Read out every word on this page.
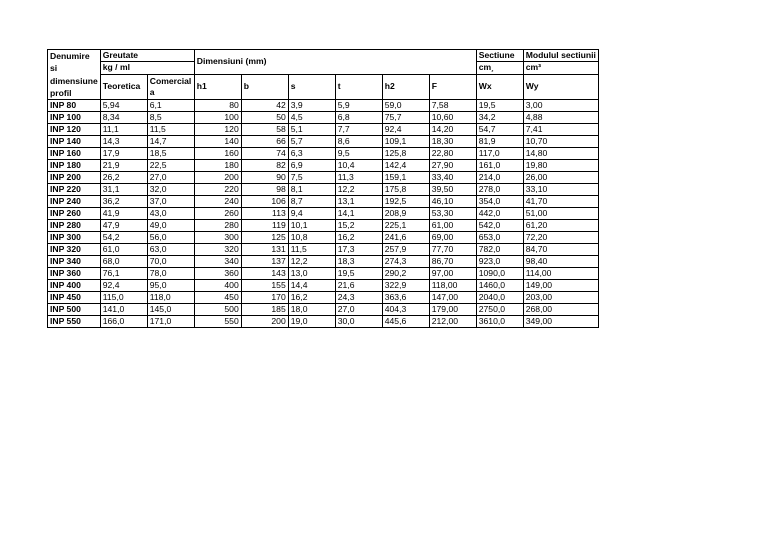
Denumire si dimensiune profil	Greutate		Dimensiuni (mm)						Sectiune	Modulul sectiunii
	kg / ml								cm¸	cm³
	Teoretica	Comerciala	h1	b	s	t	h2	F	Wx	Wy
INP 80	5,94	6,1	80	42	3,9	5,9	59,0	7,58	19,5	3,00
INP 100	8,34	8,5	100	50	4,5	6,8	75,7	10,60	34,2	4,88
INP 120	11,1	11,5	120	58	5,1	7,7	92,4	14,20	54,7	7,41
INP 140	14,3	14,7	140	66	5,7	8,6	109,1	18,30	81,9	10,70
INP 160	17,9	18,5	160	74	6,3	9,5	125,8	22,80	117,0	14,80
INP 180	21,9	22,5	180	82	6,9	10,4	142,4	27,90	161,0	19,80
INP 200	26,2	27,0	200	90	7,5	11,3	159,1	33,40	214,0	26,00
INP 220	31,1	32,0	220	98	8,1	12,2	175,8	39,50	278,0	33,10
INP 240	36,2	37,0	240	106	8,7	13,1	192,5	46,10	354,0	41,70
INP 260	41,9	43,0	260	113	9,4	14,1	208,9	53,30	442,0	51,00
INP 280	47,9	49,0	280	119	10,1	15,2	225,1	61,00	542,0	61,20
INP 300	54,2	56,0	300	125	10,8	16,2	241,6	69,00	653,0	72,20
INP 320	61,0	63,0	320	131	11,5	17,3	257,9	77,70	782,0	84,70
INP 340	68,0	70,0	340	137	12,2	18,3	274,3	86,70	923,0	98,40
INP 360	76,1	78,0	360	143	13,0	19,5	290,2	97,00	1090,0	114,00
INP 400	92,4	95,0	400	155	14,4	21,6	322,9	118,00	1460,0	149,00
INP 450	115,0	118,0	450	170	16,2	24,3	363,6	147,00	2040,0	203,00
INP 500	141,0	145,0	500	185	18,0	27,0	404,3	179,00	2750,0	268,00
INP 550	166,0	171,0	550	200	19,0	30,0	445,6	212,00	3610,0	349,00
